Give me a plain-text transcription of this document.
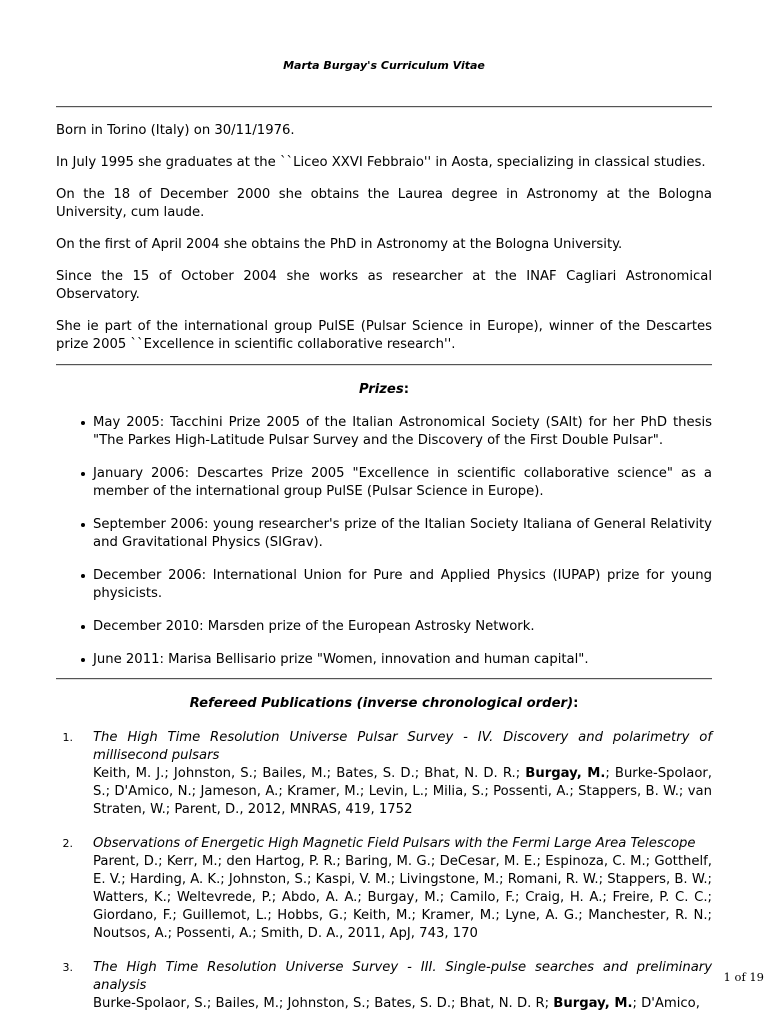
Marta Burgay's Curriculum Vitae

Born in Torino (Italy) on 30/11/1976.

In July 1995 she graduates at the ``Liceo XXVI Febbraio'' in Aosta, specializing in classical studies.

On the 18 of December 2000 she obtains the Laurea degree in Astronomy at the Bologna University, cum laude.

On the first of April 2004 she obtains the PhD in Astronomy at the Bologna University.

Since the 15 of October 2004 she works as researcher at the INAF Cagliari Astronomical Observatory.

She ie part of the international group PulSE (Pulsar Science in Europe), winner of the Descartes prize 2005 ``Excellence in scientific collaborative research''.

Prizes:
May 2005: Tacchini Prize 2005 of the Italian Astronomical Society (SAIt) for her PhD thesis "The Parkes High-Latitude Pulsar Survey and the Discovery of the First Double Pulsar".
January 2006: Descartes Prize 2005 "Excellence in scientific collaborative science" as a member of the international group PulSE (Pulsar Science in Europe).
September 2006: young researcher's prize of the Italian Society Italiana of General Relativity and Gravitational Physics (SIGrav).
December 2006: International Union for Pure and Applied Physics (IUPAP) prize for young physicists.
December 2010: Marsden prize of the European Astrosky Network.
June 2011: Marisa Bellisario prize "Women, innovation and human capital".
Refereed Publications (inverse chronological order):
1. The High Time Resolution Universe Pulsar Survey - IV. Discovery and polarimetry of millisecond pulsars
Keith, M. J.; Johnston, S.; Bailes, M.; Bates, S. D.; Bhat, N. D. R.; Burgay, M.; Burke-Spolaor, S.; D'Amico, N.; Jameson, A.; Kramer, M.; Levin, L.; Milia, S.; Possenti, A.; Stappers, B. W.; van Straten, W.; Parent, D., 2012, MNRAS, 419, 1752
2. Observations of Energetic High Magnetic Field Pulsars with the Fermi Large Area Telescope
Parent, D.; Kerr, M.; den Hartog, P. R.; Baring, M. G.; DeCesar, M. E.; Espinoza, C. M.; Gotthelf, E. V.; Harding, A. K.; Johnston, S.; Kaspi, V. M.; Livingstone, M.; Romani, R. W.; Stappers, B. W.; Watters, K.; Weltevrede, P.; Abdo, A. A.; Burgay, M.; Camilo, F.; Craig, H. A.; Freire, P. C. C.; Giordano, F.; Guillemot, L.; Hobbs, G.; Keith, M.; Kramer, M.; Lyne, A. G.; Manchester, R. N.; Noutsos, A.; Possenti, A.; Smith, D. A., 2011, ApJ, 743, 170
3. The High Time Resolution Universe Survey - III. Single-pulse searches and preliminary analysis
Burke-Spolaor, S.; Bailes, M.; Johnston, S.; Bates, S. D.; Bhat, N. D. R; Burgay, M.; D'Amico,
1 of 19
